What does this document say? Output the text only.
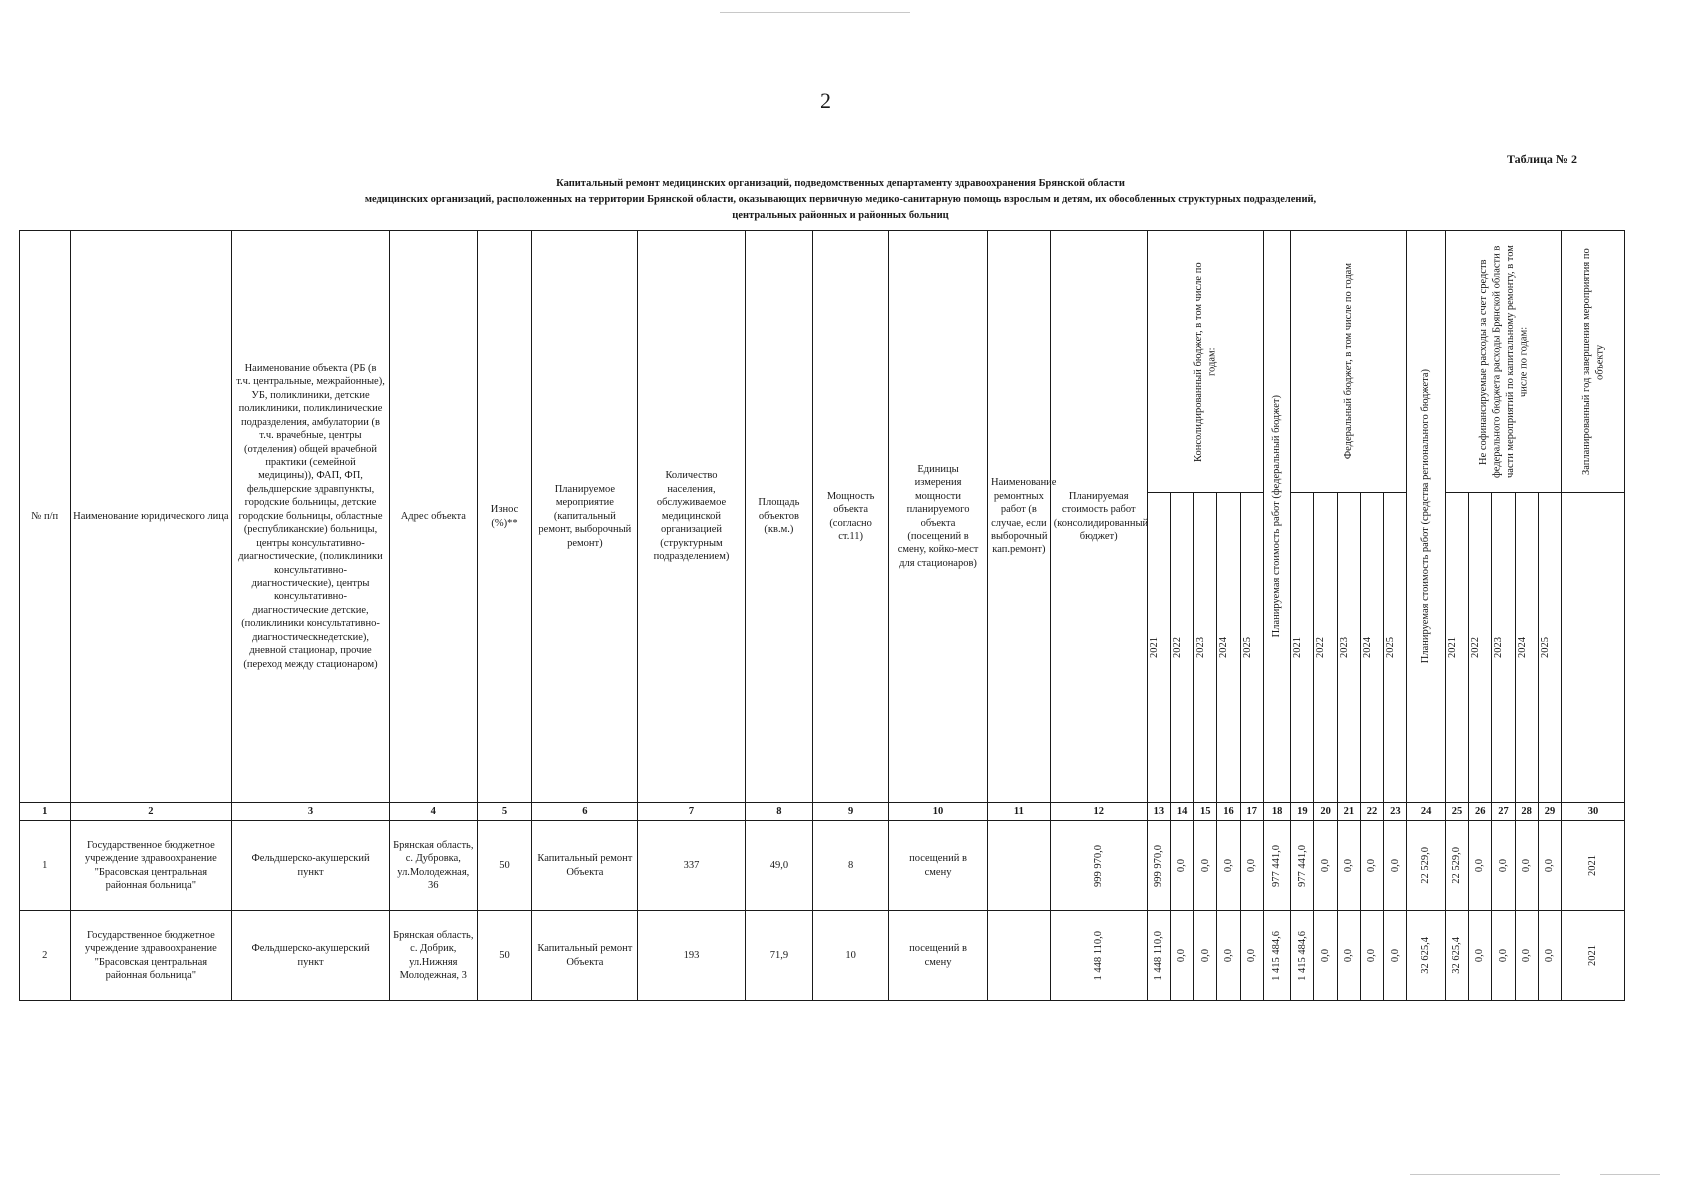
2
Таблица № 2
Капитальный ремонт медицинских организаций, подведомственных департаменту здравоохранения Брянской области
медицинских организаций, расположенных на территории Брянской области, оказывающих первичную медико-санитарную помощь взрослым и детям, их обособленных структурных подразделений,
центральных районных и районных больниц
№ п/п	Наименование юридического лица	Наименование объекта (РБ (в т.ч. центральные, межрайонные), УБ, поликлиники, детские поликлиники, поликлинические подразделения, амбулатории (в т.ч. врачебные, центры (отделения) общей врачебной практики (семейной медицины)), ФАП, ФП, фельдшерские здравпункты, городские больницы, детские городские больницы, областные (республиканские) больницы, центры консультативно-диагностические, (поликлиники консультативно-диагностические), центры консультативно-диагностические детские, (поликлиники консультативно-диагностическнедетские), дневной стационар, прочие (переход между стационаром)	Адрес объекта	Износ (%)**	Планируемое мероприятие (капитальный ремонт, выборочный ремонт)	Количество населения, обслуживаемое медицинской организацией (структурным подразделением)	Площадь объектов (кв.м.)	Мощность объекта (согласно ст.11)	Единицы измерения мощности планируемого объекта (посещений в смену, койко-мест для стационаров)	Наименование ремонтных работ (в случае, если выборочный кап.ремонт)	Планируемая стоимость работ (консолидированный бюджет)	Консолидированный бюджет, в том числе по годам:					Планируемая стоимость работ (федеральный бюджет)	Федеральный бюджет, в том числе по годам					Планируемая стоимость работ (средства регионального бюджета)	Не софинансируемые расходы за счет средств федерального бюджета расходы Брянской области в части мероприятий по капитальному ремонту, в том числе по годам:					Запланированный год завершения мероприятия по объекту

												2021	2022	2023	2024	2025		2021	2022	2023	2024	2025		2021	2022	2023	2024	2025	

1	2	3	4	5	6	7	8	9	10	11	12	13	14	15	16	17	18	19	20	21	22	23	24	25	26	27	28	29	30
1	Государственное бюджетное учреждение здравоохранение "Брасовская центральная районная больница"	Фельдшерско-акушерский пункт	Брянская область, с. Дубровка, ул.Молодежная, 36	50	Капитальный ремонт Объекта	337	49,0	8	посещений в смену		999 970,0	999 970,0	0,0	0,0	0,0	0,0	977 441,0	977 441,0	0,0	0,0	0,0	0,0	22 529,0	22 529,0	0,0	0,0	0,0	0,0	2021

2	Государственное бюджетное учреждение здравоохранение "Брасовская центральная районная больница"	Фельдшерско-акушерский пункт	Брянская область, с. Добрик, ул.Нижняя Молодежная, 3	50	Капитальный ремонт Объекта	193	71,9	10	посещений в смену		1 448 110,0	1 448 110,0	0,0	0,0	0,0	0,0	1 415 484,6	1 415 484,6	0,0	0,0	0,0	0,0	32 625,4	32 625,4	0,0	0,0	0,0	0,0	2021
